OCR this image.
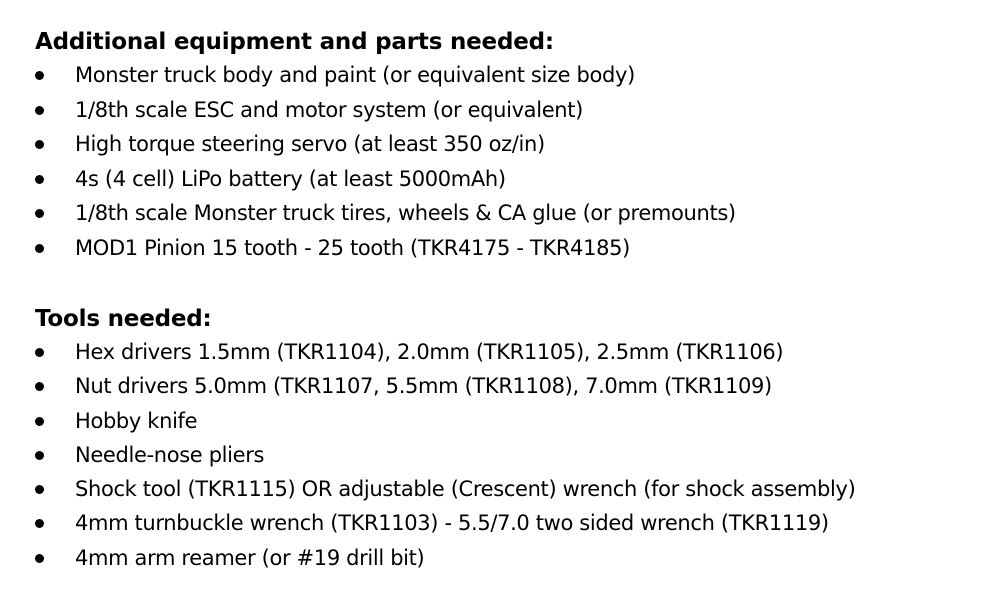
Additional equipment and parts needed:
Monster truck body and paint (or equivalent size body)
1/8th scale ESC and motor system (or equivalent)
High torque steering servo (at least 350 oz/in)
4s (4 cell) LiPo battery (at least 5000mAh)
1/8th scale Monster truck tires, wheels & CA glue (or premounts)
MOD1 Pinion 15 tooth - 25 tooth (TKR4175 - TKR4185)
Tools needed:
Hex drivers 1.5mm (TKR1104), 2.0mm (TKR1105), 2.5mm (TKR1106)
Nut drivers 5.0mm (TKR1107, 5.5mm (TKR1108), 7.0mm (TKR1109)
Hobby knife
Needle-nose pliers
Shock tool (TKR1115) OR adjustable (Crescent) wrench (for shock assembly)
4mm turnbuckle wrench (TKR1103) - 5.5/7.0 two sided wrench (TKR1119)
4mm arm reamer (or #19 drill bit)
